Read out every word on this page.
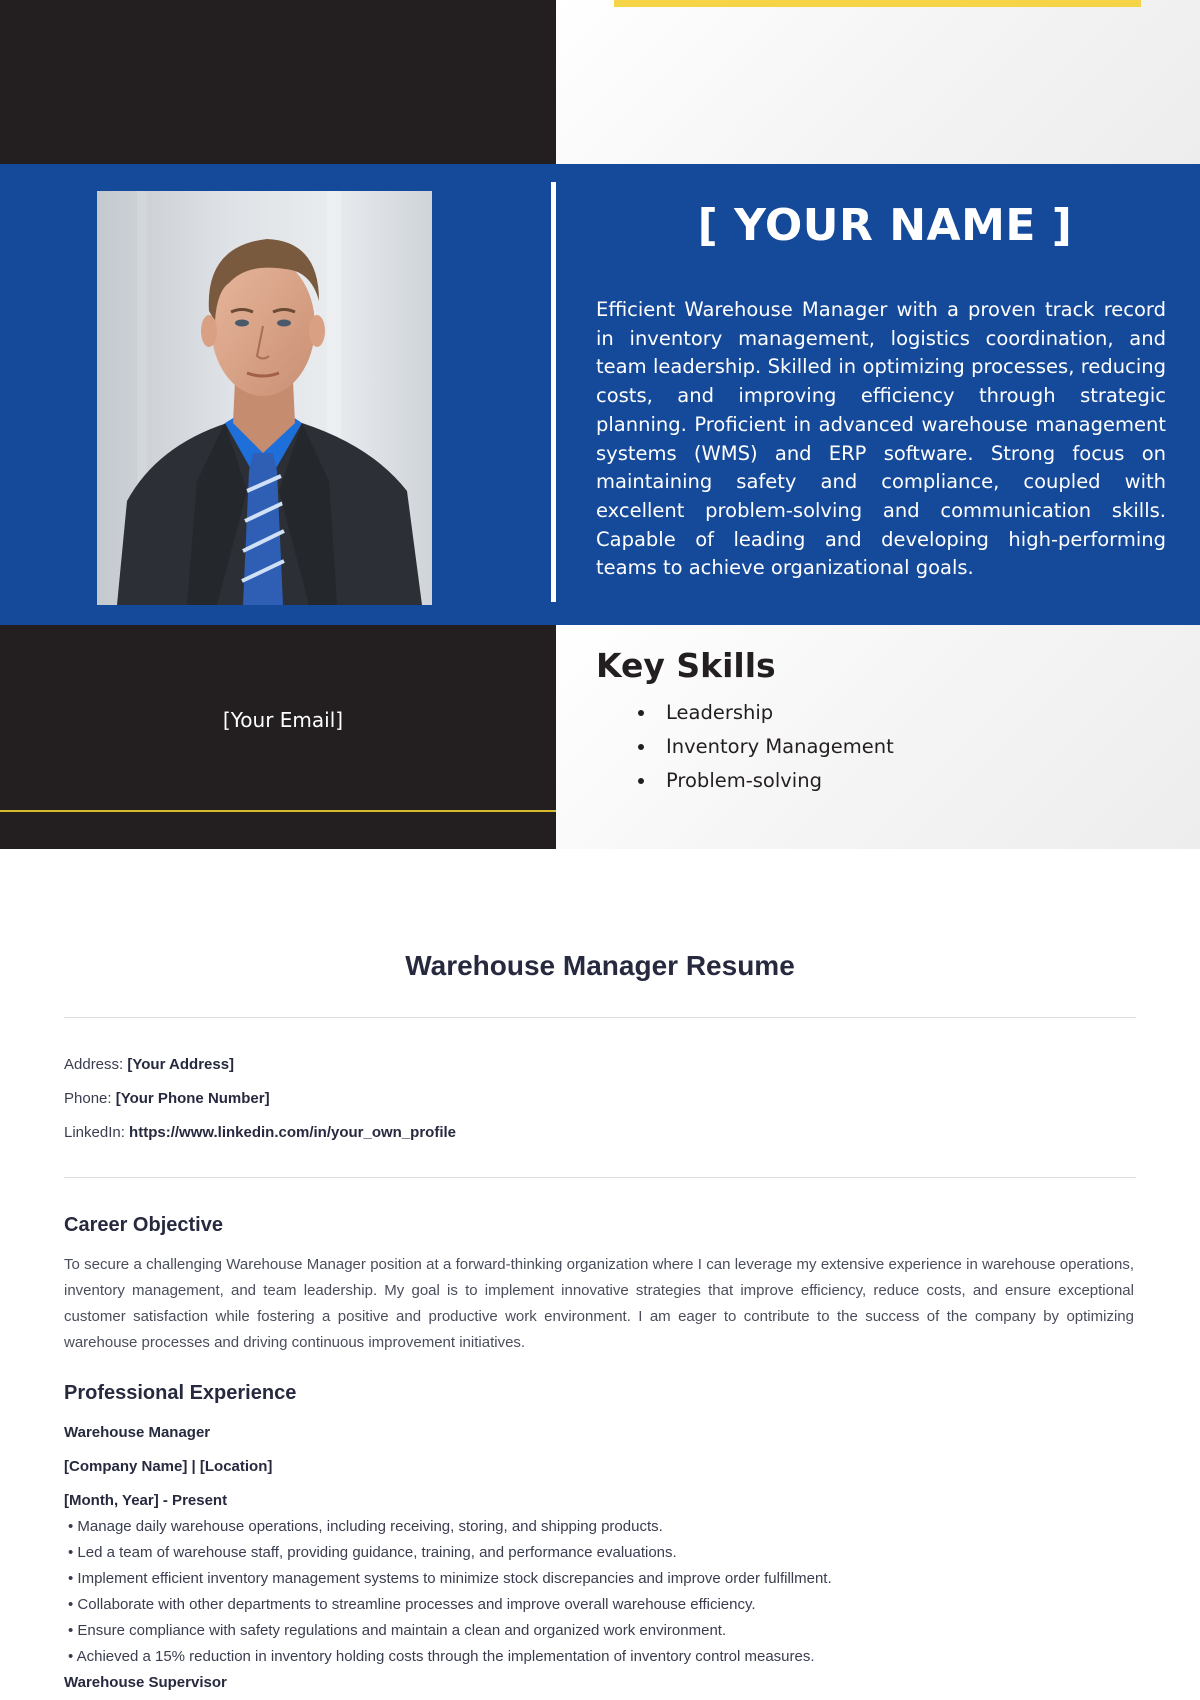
[ YOUR NAME ]

Efficient Warehouse Manager with a proven track record in inventory management, logistics coordination, and team leadership. Skilled in optimizing processes, reducing costs, and improving efficiency through strategic planning. Proficient in advanced warehouse management systems (WMS) and ERP software. Strong focus on maintaining safety and compliance, coupled with excellent problem-solving and communication skills. Capable of leading and developing high-performing teams to achieve organizational goals.

[Your Email]
Key Skills
Leadership
Inventory Management
Problem-solving
Warehouse Manager Resume
Address: [Your Address]
Phone: [Your Phone Number]
LinkedIn: https://www.linkedin.com/in/your_own_profile
Career Objective

To secure a challenging Warehouse Manager position at a forward-thinking organization where I can leverage my extensive experience in warehouse operations, inventory management, and team leadership. My goal is to implement innovative strategies that improve efficiency, reduce costs, and ensure exceptional customer satisfaction while fostering a positive and productive work environment. I am eager to contribute to the success of the company by optimizing warehouse processes and driving continuous improvement initiatives.

Professional Experience
Warehouse Manager
[Company Name] | [Location]
[Month, Year] - Present
• Manage daily warehouse operations, including receiving, storing, and shipping products.
• Led a team of warehouse staff, providing guidance, training, and performance evaluations.
• Implement efficient inventory management systems to minimize stock discrepancies and improve order fulfillment.
• Collaborate with other departments to streamline processes and improve overall warehouse efficiency.
• Ensure compliance with safety regulations and maintain a clean and organized work environment.
• Achieved a 15% reduction in inventory holding costs through the implementation of inventory control measures.
Warehouse Supervisor
